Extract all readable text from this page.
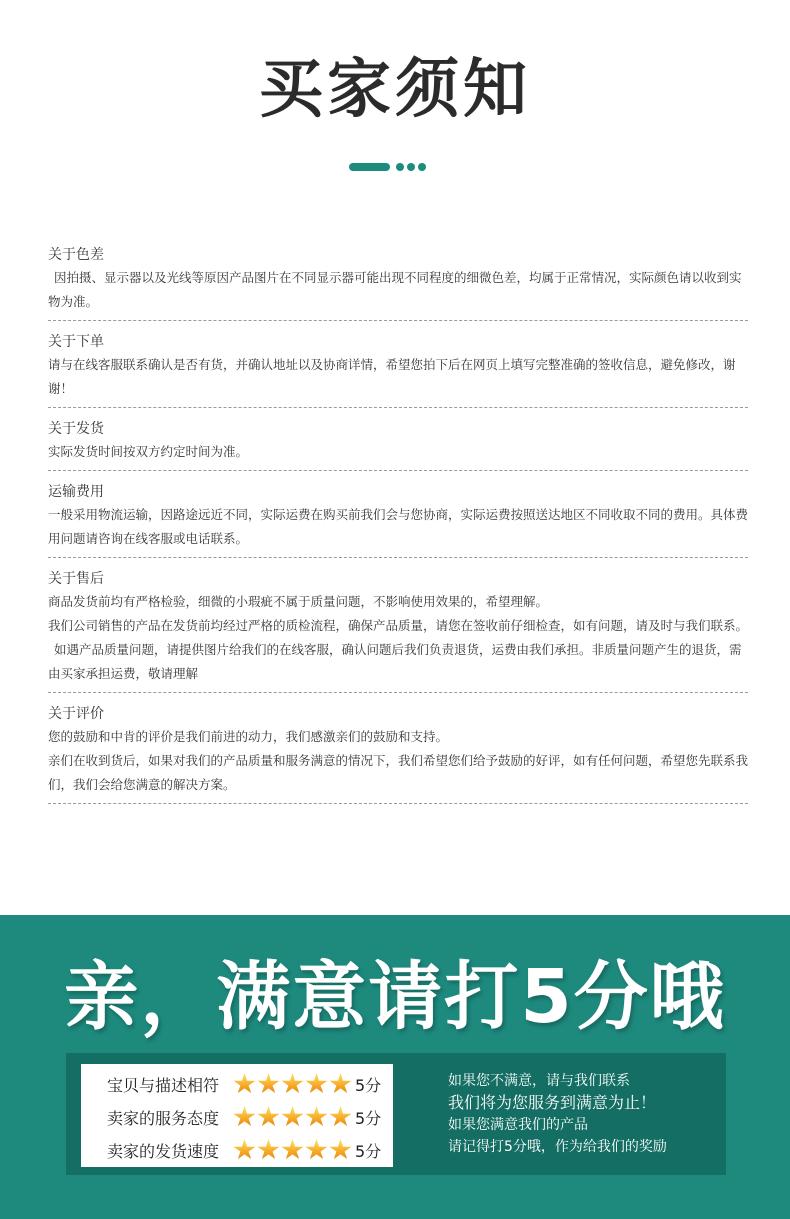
买家须知
关于色差
因拍摄、显示器以及光线等原因产品图片在不同显示器可能出现不同程度的细微色差，均属于正常情况，实际颜色请以收到实物为准。
关于下单
请与在线客服联系确认是否有货，并确认地址以及协商详情，希望您拍下后在网页上填写完整准确的签收信息，避免修改，谢谢！
关于发货
实际发货时间按双方约定时间为准。
运输费用
一般采用物流运输，因路途远近不同，实际运费在购买前我们会与您协商，实际运费按照送达地区不同收取不同的费用。具体费用问题请咨询在线客服或电话联系。
关于售后
商品发货前均有严格检验，细微的小瑕疵不属于质量问题，不影响使用效果的，希望理解。
我们公司销售的产品在发货前均经过严格的质检流程，确保产品质量，请您在签收前仔细检查，如有问题，请及时与我们联系。
如遇产品质量问题，请提供图片给我们的在线客服，确认问题后我们负责退货，运费由我们承担。非质量问题产生的退货，需由买家承担运费，敬请理解
关于评价
您的鼓励和中肯的评价是我们前进的动力，我们感激亲们的鼓励和支持。
亲们在收到货后，如果对我们的产品质量和服务满意的情况下，我们希望您们给予鼓励的好评，如有任何问题，希望您先联系我们，我们会给您满意的解决方案。
亲，满意请打5分哦
宝贝与描述相符	5分
卖家的服务态度	5分
卖家的发货速度	5分
如果您不满意，请与我们联系
我们将为您服务到满意为止！
如果您满意我们的产品
请记得打5分哦，作为给我们的奖励
